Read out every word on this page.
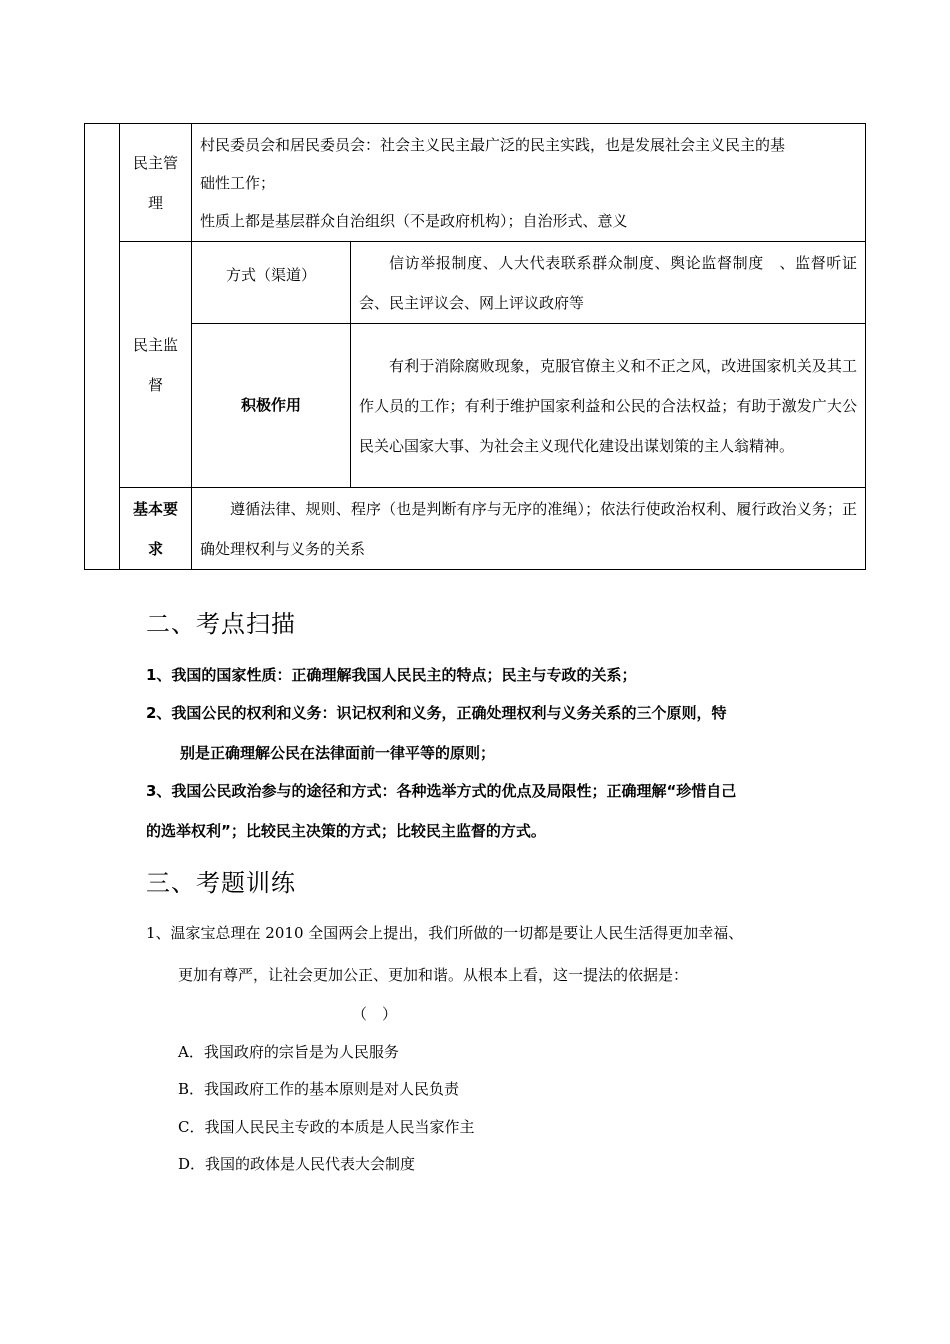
	民主管理	村民委员会和居民委员会：社会主义民主最广泛的民主实践，也是发展社会主义民主的基
础性工作；
性质上都是基层群众自治组织（不是政府机构）；自治形式、意义	

	民主监督	方式（渠道）	信访举报制度、人大代表联系群众制度、舆论监督制度　、监督听证会、民主评议会、网上评议政府等
		积极作用	有利于消除腐败现象，克服官僚主义和不正之风，改进国家机关及其工作人员的工作；有利于维护国家利益和公民的合法权益；有助于激发广大公民关心国家大事、为社会主义现代化建设出谋划策的主人翁精神。

	基本要求	遵循法律、规则、程序（也是判断有序与无序的准绳）；依法行使政治权利、履行政治义务；正确处理权利与义务的关系	
二、考点扫描
1、我国的国家性质：正确理解我国人民民主的特点；民主与专政的关系；
2、我国公民的权利和义务：识记权利和义务，正确处理权利与义务关系的三个原则，特
别是正确理解公民在法律面前一律平等的原则；
3、我国公民政治参与的途径和方式：各种选举方式的优点及局限性；正确理解“珍惜自己
的选举权利”；比较民主决策的方式；比较民主监督的方式。
三、考题训练
1、温家宝总理在 2010 全国两会上提出，我们所做的一切都是要让人民生活得更加幸福、
更加有尊严，让社会更加公正、更加和谐。从根本上看，这一提法的依据是：
（　）
A．我国政府的宗旨是为人民服务
B．我国政府工作的基本原则是对人民负责
C．我国人民民主专政的本质是人民当家作主
D．我国的政体是人民代表大会制度
